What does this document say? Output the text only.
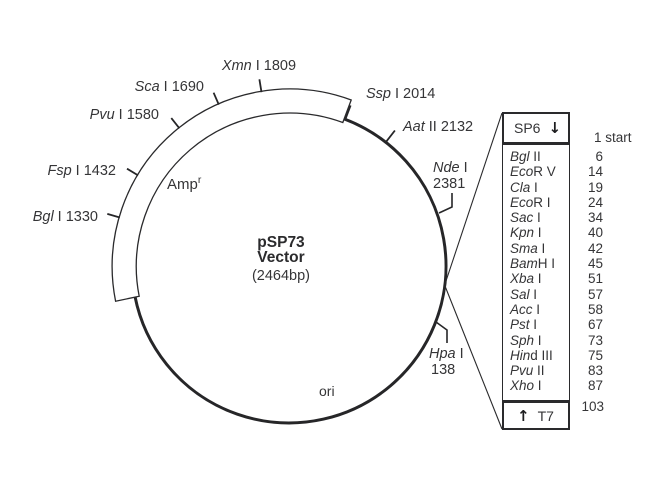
Xmn I 1809
Sca I 1690
Pvu I 1580
Fsp I 1432
Bgl I 1330
Ssp I 2014
Aat II 2132
Nde I
2381
Hpa I
138
Amp$^r$
ori
pSP73
Vector
(2464bp)
SP6 ↓
Bgl II	6
EcoR V	14
Cla I	19
EcoR I	24
Sac I	34
Kpn I	40
Sma I	42
BamH I	45
Xba I	51
Sal I	57
Acc I	58
Pst I	67
Sph I	73
Hind III	75
Pvu II	83
Xho I	87
↑ T7
1 start
103
